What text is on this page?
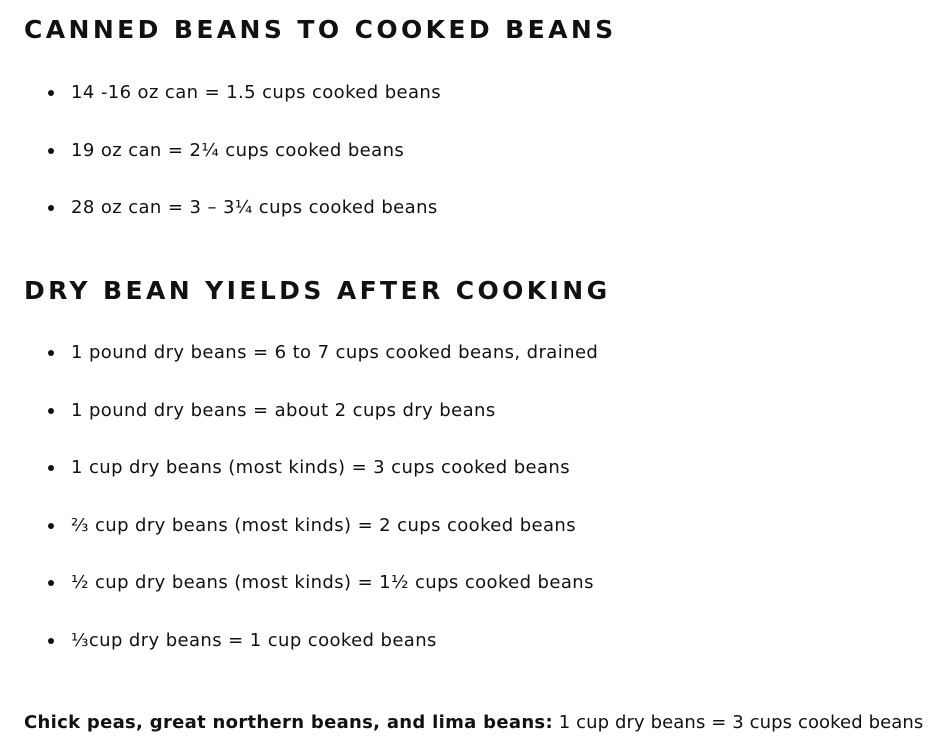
CANNED BEANS TO COOKED BEANS
14 -16 oz can = 1.5 cups cooked beans
19 oz can = 2¼ cups cooked beans
28 oz can = 3 – 3¼ cups cooked beans
DRY BEAN YIELDS AFTER COOKING
1 pound dry beans = 6 to 7 cups cooked beans, drained
1 pound dry beans = about 2 cups dry beans
1 cup dry beans (most kinds) = 3 cups cooked beans
⅔ cup dry beans (most kinds) = 2 cups cooked beans
½ cup dry beans (most kinds) = 1½ cups cooked beans
⅓cup dry beans = 1 cup cooked beans

Chick peas, great northern beans, and lima beans: 1 cup dry beans = 3 cups cooked beans
